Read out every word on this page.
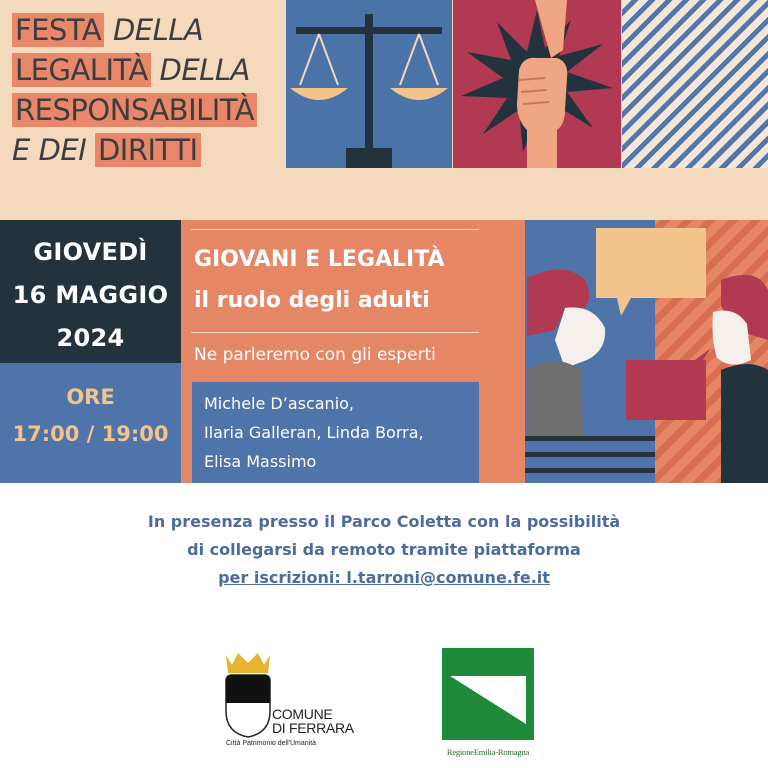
FESTA DELLA
LEGALITÀ DELLA
RESPONSABILITÀ
E DEI DIRITTI
GIOVEDÌ
16 MAGGIO
2024
ORE
17:00 / 19:00
GIOVANI E LEGALITÀ
il ruolo degli adulti
Ne parleremo con gli esperti
Michele D’ascanio,
Ilaria Galleran, Linda Borra,
Elisa Massimo
In presenza presso il Parco Coletta con la possibilità
di collegarsi da remoto tramite piattaforma
per iscrizioni: l.tarroni@comune.fe.it
COMUNE
DI FERRARA
Città Patrimonio dell'Umanità
RegioneEmilia-Romagna
